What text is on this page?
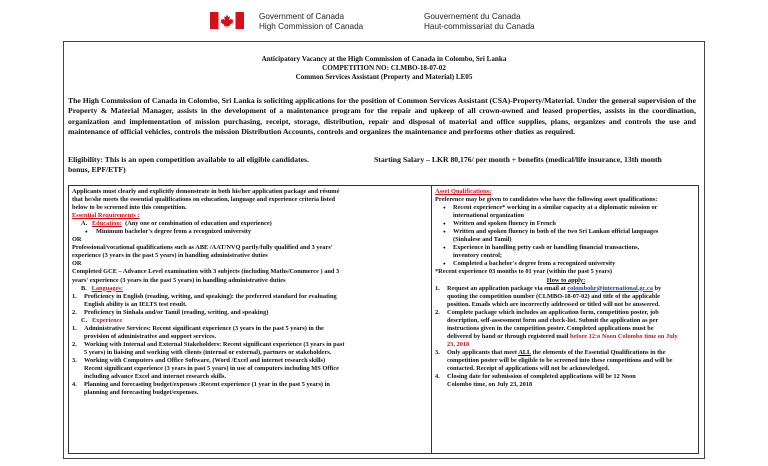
Government of Canada
High Commission of Canada
Gouvernement du Canada
Haut-commissariat du Canada
Anticipatory Vacancy at the High Commission of Canada in Colombo, Sri Lanka
COMPETITION NO: CLMBO-18-07-02
Common Services Assistant (Property and Material) LE05
The High Commission of Canada in Colombo, Sri Lanka is soliciting applications for the position of Common Services Assistant (CSA)-Property/Material. Under the general supervision of the Property & Material Manager, assists in the development of a maintenance program for the repair and upkeep of all crown-owned and leased properties, assists in the coordination, organization and implementation of mission purchasing, receipt, storage, distribution, repair and disposal of material and office supplies, plans, organizes and controls the use and maintenance of official vehicles, controls the mission Distribution Accounts, controls and organizes the maintenance and performs other duties as required.
Eligibility: This is an open competition available to all eligible candidates.	Starting Salary – LKR 80,176/ per month + benefits (medical/life insurance, 13th month
bonus, EPF/ETF)
Applicants must clearly and explicitly demonstrate in both his/her application package and résumé
that he/she meets the essential qualifications on education, language and experience criteria listed
below to be screened into this competition.
Essential Requirements :
A. Education: (Any one or combination of education and experience)
● Minimum bachelor's degree from a recognized university
OR
Professional/vocational qualifications such as ABE /AAT/NVQ partly/fully qualified and 3 years'
experience (3 years in the past 5 years) in handling administrative duties
OR
Completed GCE – Advance Level examination with 3 subjects (including Maths/Commerce ) and 3
years' experience (3 years in the past 5 years) in handling administrative duties
B. Languages:
1. Proficiency in English (reading, writing, and speaking): the preferred standard for evaluating
English ability is an IELTS test result.
2. Proficiency in Sinhala and/or Tamil (reading, writing, and speaking)
C. Experience
1. Administrative Services: Recent significant experience (3 years in the past 5 years) in the
provision of administrative and support services.
2. Working with Internal and External Stakeholders: Recent significant experience (3 years in past
5 years) in liaising and working with clients (internal or external), partners or stakeholders.
3. Working with Computers and Office Software, (Word /Excel and internet research skills)
Recent significant experience (3 years in past 5 years) in use of computers including MS Office
including advance Excel and internet research skills.
4. Planning and forecasting budget/expenses :Recent experience (1 year in the past 5 years) in
planning and forecasting budget/expenses.
Asset Qualifications:
Preference may be given to candidates who have the following asset qualifications:
● Recent experience* working in a similar capacity at a diplomatic mission or
international organization
● Written and spoken fluency in French
● Written and spoken fluency in both of the two Sri Lankan official languages
(Sinhalese and Tamil)
● Experience in handling petty cash or handling financial transactions,
inventory control;
● Completed a bachelor's degree from a recognized university
*Recent experience 03 months to 01 year (within the past 5 years)
How to apply:
1. Request an application package via email at colombohr@international.gc.ca by
quoting the competition number (CLMBO-18-07-02) and title of the applicable
position. Emails which are incorrectly addressed or titled will not be answered.
2. Complete package which includes an application form, competition poster, job
description, self-assessment form and check-list. Submit the application as per
instructions given in the competition poster. Completed applications must be
delivered by hand or through registered mail before 12:o Noon Colombo time on July
23, 2018
3. Only applicants that meet ALL the elements of the Essential Qualifications in the
competition poster will be eligible to be screened into these competitions and will be
contacted. Receipt of applications will not be acknowledged.
4. Closing date for submission of completed applications will be 12 Noon
Colombo time, on July 23, 2018
